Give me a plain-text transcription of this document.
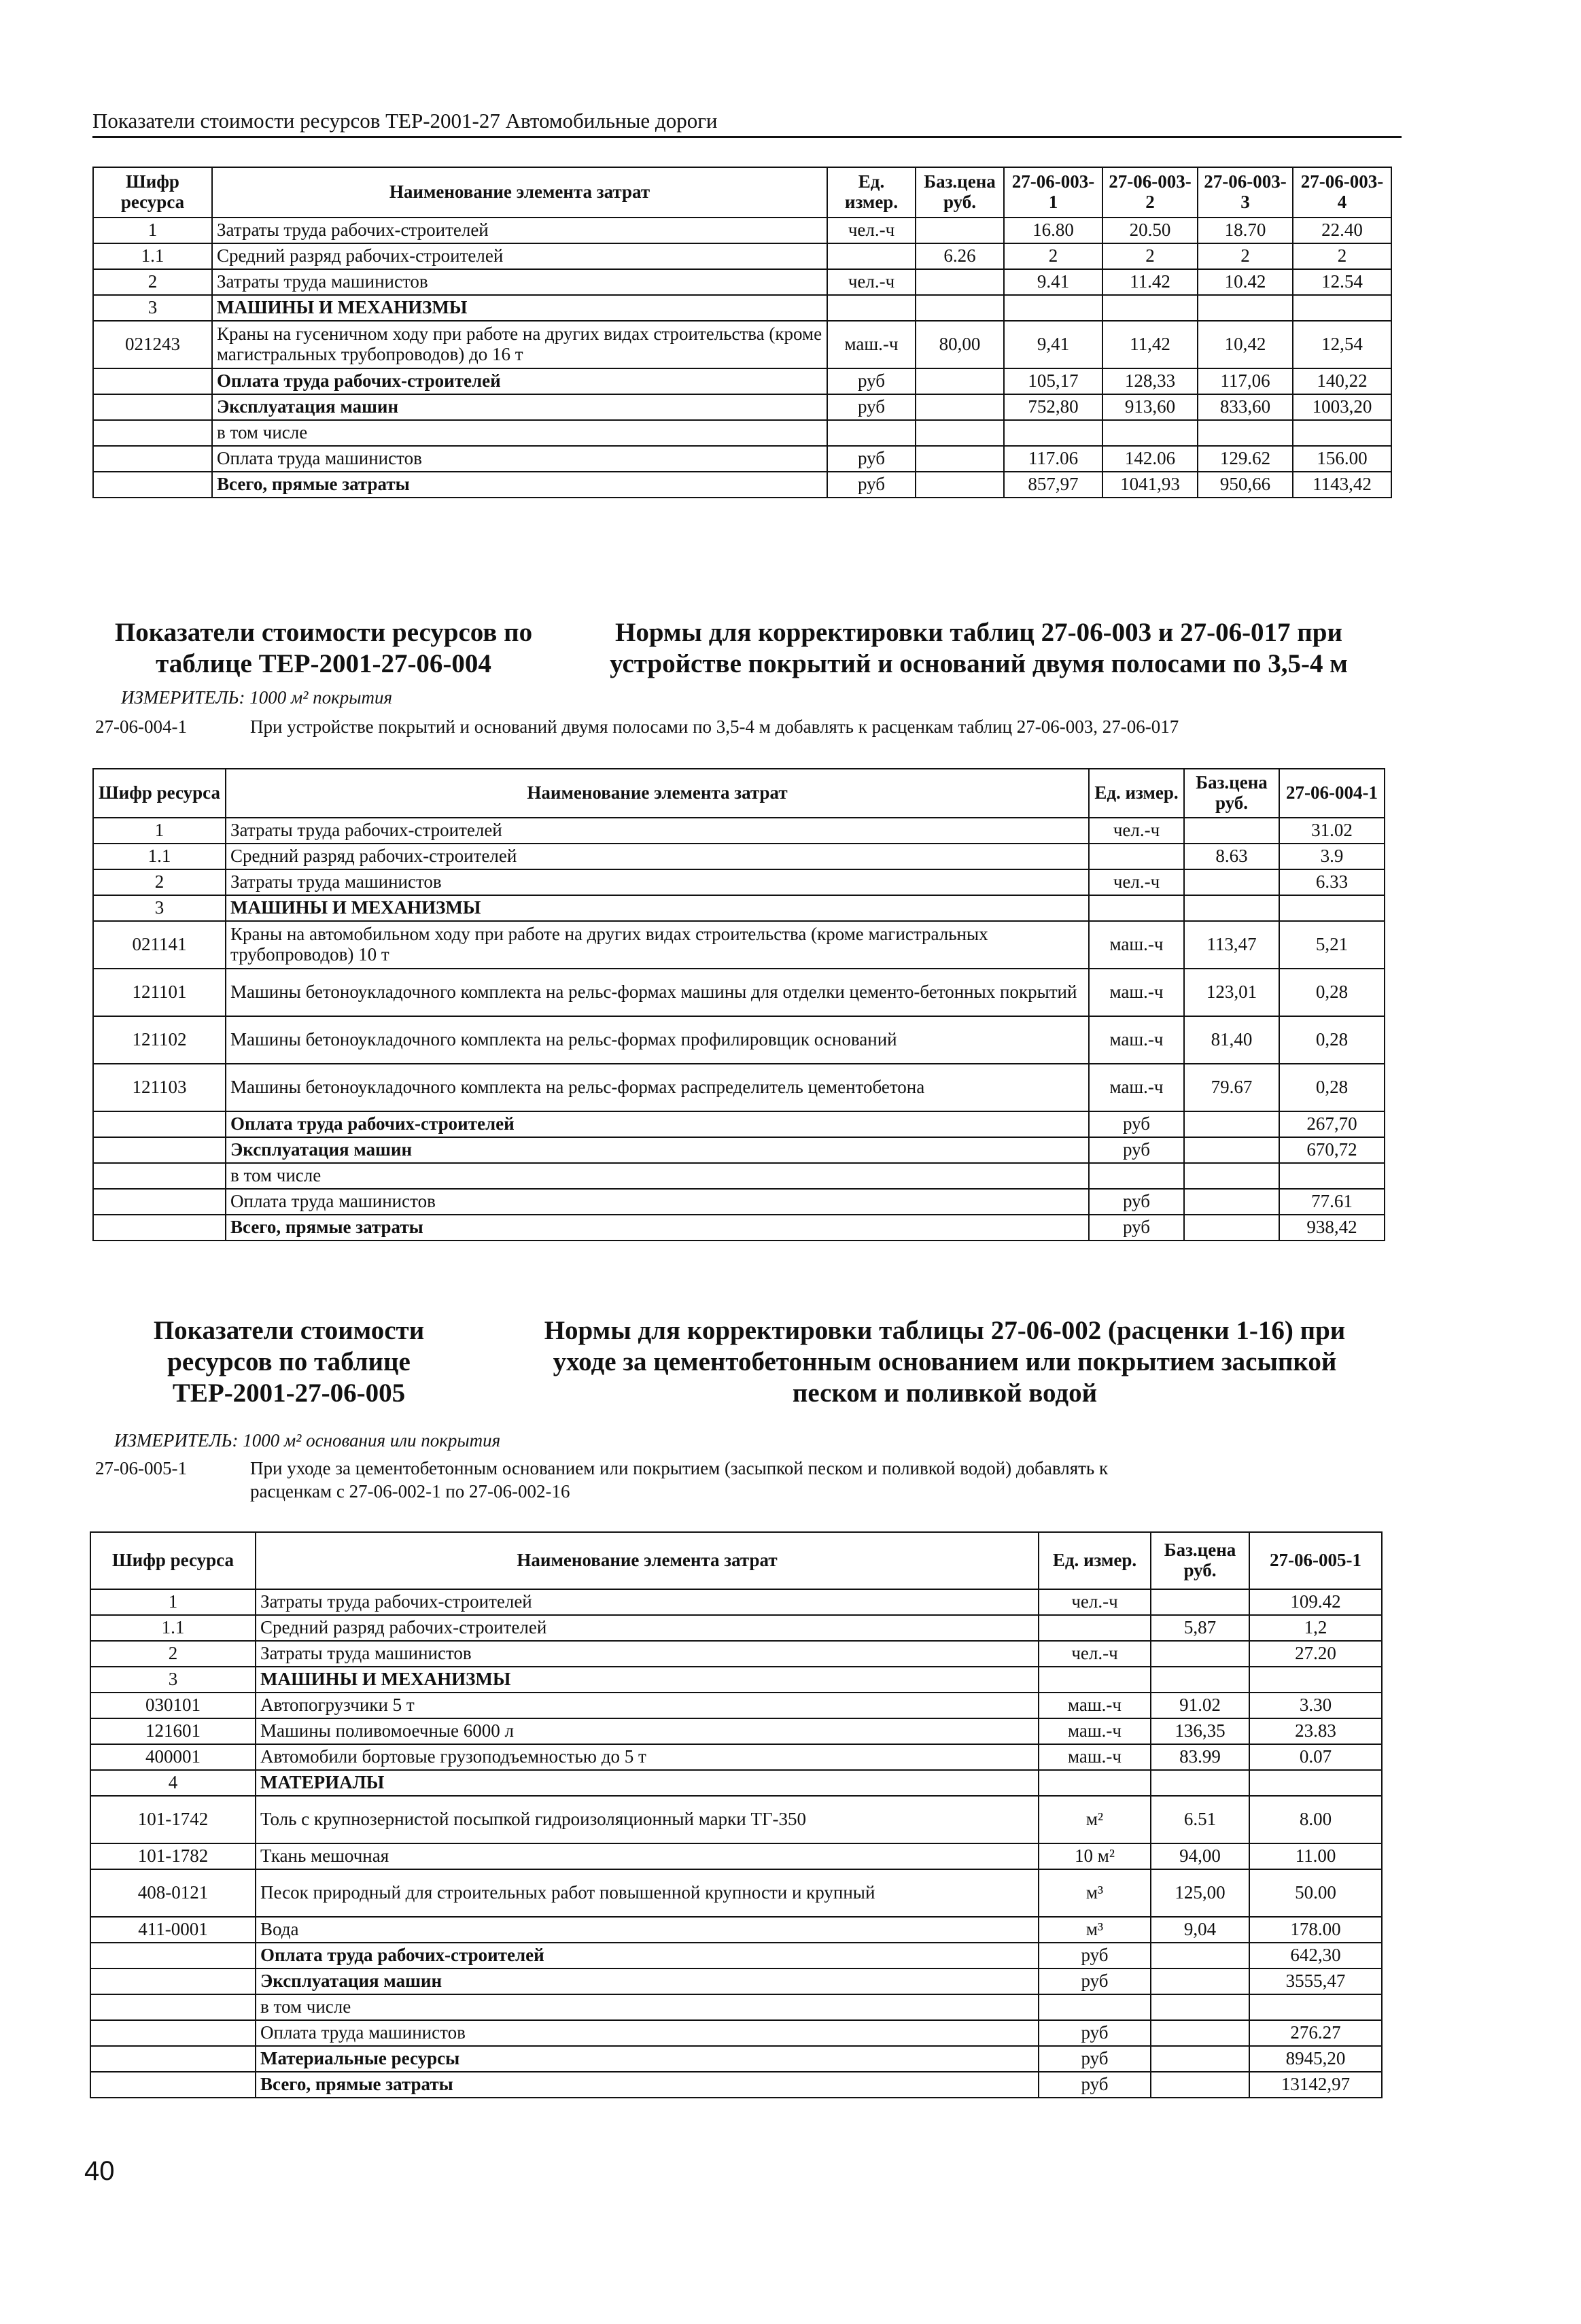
Показатели стоимости ресурсов ТЕР-2001-27 Автомобильные дороги
Шифр ресурса	Наименование элемента затрат	Ед. измер.	Баз.цена руб.	27-06-003-1	27-06-003-2	27-06-003-3	27-06-003-4
1	Затраты труда рабочих-строителей	чел.-ч		16.80	20.50	18.70	22.40
1.1	Средний разряд рабочих-строителей		6.26	2	2	2	2
2	Затраты труда машинистов	чел.-ч		9.41	11.42	10.42	12.54
3	МАШИНЫ И МЕХАНИЗМЫ						
021243	Краны на гусеничном ходу при работе на других видах строительства (кроме магистральных трубопроводов) до 16 т	маш.-ч	80,00	9,41	11,42	10,42	12,54
	Оплата труда рабочих-строителей	руб		105,17	128,33	117,06	140,22
	Эксплуатация машин	руб		752,80	913,60	833,60	1003,20
	в том числе						
	Оплата труда машинистов	руб		117.06	142.06	129.62	156.00
	Всего, прямые затраты	руб		857,97	1041,93	950,66	1143,42
Показатели стоимости ресурсов по
таблице ТЕР-2001-27-06-004
Нормы для корректировки таблиц 27-06-003 и 27-06-017 при
устройстве покрытий и оснований двумя полосами по 3,5-4 м
ИЗМЕРИТЕЛЬ: 1000 м² покрытия
27-06-004-1	При устройстве покрытий и оснований двумя полосами по 3,5-4 м добавлять к расценкам таблиц 27-06-003, 27-06-017
Шифр ресурса	Наименование элемента затрат	Ед. измер.	Баз.цена руб.	27-06-004-1
1	Затраты труда рабочих-строителей	чел.-ч		31.02
1.1	Средний разряд рабочих-строителей		8.63	3.9
2	Затраты труда машинистов	чел.-ч		6.33
3	МАШИНЫ И МЕХАНИЗМЫ			
021141	Краны на автомобильном ходу при работе на других видах строительства (кроме магистральных трубопроводов) 10 т	маш.-ч	113,47	5,21
121101	Машины бетоноукладочного комплекта на рельс-формах машины для отделки цементо-бетонных покрытий	маш.-ч	123,01	0,28
121102	Машины бетоноукладочного комплекта на рельс-формах профилировщик оснований	маш.-ч	81,40	0,28
121103	Машины бетоноукладочного комплекта на рельс-формах распределитель цементобетона	маш.-ч	79.67	0,28
	Оплата труда рабочих-строителей	руб		267,70
	Эксплуатация машин	руб		670,72
	в том числе			
	Оплата труда машинистов	руб		77.61
	Всего, прямые затраты	руб		938,42
Показатели стоимости
ресурсов по таблице
ТЕР-2001-27-06-005
Нормы для корректировки таблицы 27-06-002 (расценки 1-16) при
уходе за цементобетонным основанием или покрытием засыпкой
песком и поливкой водой
ИЗМЕРИТЕЛЬ: 1000 м² основания или покрытия
27-06-005-1	При уходе за цементобетонным основанием или покрытием (засыпкой песком и поливкой водой) добавлять к
расценкам с 27-06-002-1 по 27-06-002-16
Шифр ресурса	Наименование элемента затрат	Ед. измер.	Баз.цена руб.	27-06-005-1
1	Затраты труда рабочих-строителей	чел.-ч		109.42
1.1	Средний разряд рабочих-строителей		5,87	1,2
2	Затраты труда машинистов	чел.-ч		27.20
3	МАШИНЫ И МЕХАНИЗМЫ			
030101	Автопогрузчики 5 т	маш.-ч	91.02	3.30
121601	Машины поливомоечные 6000 л	маш.-ч	136,35	23.83
400001	Автомобили бортовые грузоподъемностью до 5 т	маш.-ч	83.99	0.07
4	МАТЕРИАЛЫ			
101-1742	Толь с крупнозернистой посыпкой гидроизоляционный марки ТГ-350	м²	6.51	8.00
101-1782	Ткань мешочная	10 м²	94,00	11.00
408-0121	Песок природный для строительных работ повышенной крупности и крупный	м³	125,00	50.00
411-0001	Вода	м³	9,04	178.00
	Оплата труда рабочих-строителей	руб		642,30
	Эксплуатация машин	руб		3555,47
	в том числе			
	Оплата труда машинистов	руб		276.27
	Материальные ресурсы	руб		8945,20
	Всего, прямые затраты	руб		13142,97
40
